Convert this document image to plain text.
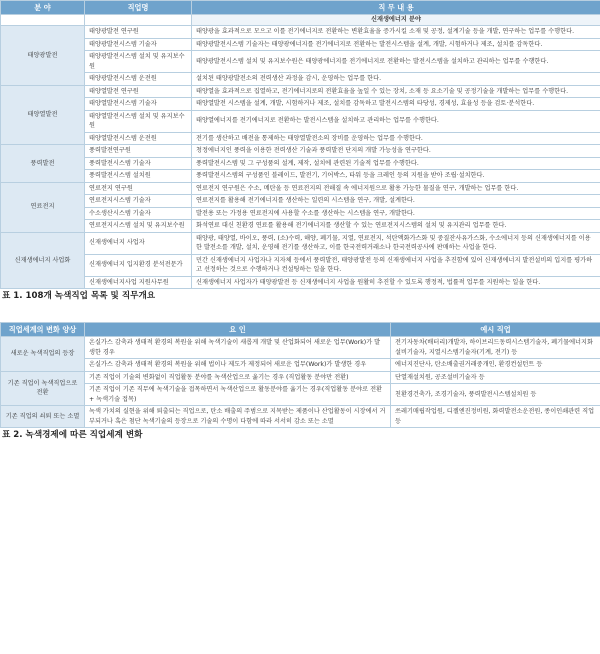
분 야	직업명	직 무 내 용
		신재생에너지 분야
태양광발전	태양광발전 연구원	태양광을 효과적으로 모으고 이를 전기에너지로 전환하는 변환효율을 증가시킬 소재 및 공정, 설계기술 등을 개발, 연구하는 업무를 수행한다.
	태양광발전시스템 기술자	태양광발전시스템 기술자는 태양광에너지를 전기에너지로 전환하는 발전시스템을 설계, 개발, 시험하거나 제조, 설치를 감독한다.
	태양광발전시스템 설치 및 유지보수원	태양광발전시스템 설치 및 유지보수원은 태양광에너지를 전기에너지로 전환하는 발전시스템을 설치하고 관리하는 업무를 수행한다.
	태양광발전시스템 운전원	설치된 태양광발전소의 전력생산 과정을 감시, 운영하는 업무를 한다.
태양열발전	태양열발전 연구원	태양열을 효과적으로 집열하고, 전기에너지로의 전환효율을 높일 수 있는 장치, 소재 등 요소기술 및 공정기술을 개발하는 업무를 수행한다.
	태양열발전시스템 기술자	태양열발전 시스템을 설계, 개발, 시험하거나 제조, 설치를 감독하고 발전시스템의 타당성, 경제성, 효율성 등을 검토·분석한다.
	태양열발전시스템 설치 및 유지보수원	태양열에너지를 전기에너지로 전환하는 발전시스템을 설치하고 관리하는 업무를 수행한다.
	태양열발전시스템 운전원	전기를 생산하고 배전을 통제하는 태양열발전소의 장비를 운영하는 업무를 수행한다.
풍력발전	풍력발전연구원	청정에너지인 풍력을 이용한 전력생산 기술과 풍력발전 단지의 개발 가능성을 연구한다.
	풍력발전시스템 기술자	풍력발전시스템 및 그 구성품의 설계, 제작, 설치에 관련된 기술적 업무를 수행한다.
	풍력발전시스템 설치원	풍력발전시스템의 구성품인 블레이드, 발전기, 기어박스, 타워 등을 크레인 등의 지원을 받아 조립·설치한다.
연료전지	연료전지 연구원	연료전지 연구원은 수소, 메탄올 등 연료전지의 전해질 속 에너지원으로 활용 가능한 물질을 연구, 개발하는 업무를 한다.
	연료전지시스템 기술자	연료전지를 활용해 전기에너지를 생산하는 일련의 시스템을 연구, 개발, 설계한다.
	수소생산시스템 기술자	발전용 또는 가정용 연료전지에 사용할 수소를 생산하는 시스템을 연구, 개발한다.
	연료전지시스템 설치 및 유지보수원	화석연료 대신 친환경 연료를 활용해 전기에너지를 생산할 수 있는 연료전지시스템의 설치 및 유지관리 업무를 한다.
신재생에너지 사업화	신재생에너지 사업자	태양광, 태양열, 바이오, 풍력, (소)수력, 해양, 폐기물, 지열, 연료전지, 석탄액화가스화 및 중질잔사유가스화, 수소에너지 등의 신재생에너지를 이용한 발전소를 개발, 설치, 운영해 전기를 생산하고, 이를 한국전력거래소나 한국전력공사에 판매하는 사업을 한다.
	신재생에너지 입지환경 분석전문가	민간 신재생에너지 사업자나 지자체 등에서 풍력발전, 태양광발전 등의 신재생에너지 사업을 추진함에 있어 신재생에너지 발전설비의 입지를 평가하고 선정하는 것으로 수행하거나 컨설팅하는 일을 한다.
	신재생에너지사업 지원사무원	신재생에너지 사업자가 태양광발전 등 신재생에너지 사업을 원활히 추진할 수 있도록 행정적, 법률적 업무를 지원하는 일을 한다.
표 1. 108개 녹색직업 목록 및 직무개요
직업세계의 변화 양상	요 인	예시 직업
새로운 녹색직업의 등장	온실가스 감축과 생태적 환경의 복원을 위해 녹색기술이 새롭게 개발 및 산업화되어 새로운 업무(Work)가 발생한 경우	전기자동차(배터리)개발자, 하이브리드동력시스템기술자, 폐기물에너지화설비기술자, 지열시스템기술자(기계, 전기) 등
	온실가스 감축과 생태적 환경의 복원을 위해 법이나 제도가 제정되어 새로운 업무(Work)가 발생한 경우	에너지진단사, 탄소배출권거래중개인, 환경컨설턴트 등
기존 직업이 녹색직업으로 전환	기존 직업이 기술의 변화없이 직업활동 분야를 녹색산업으로 옮기는 경우 (직업활동 분야만 전환)	단열재설치원, 공조설비기술자 등
	기존 직업이 기존 직무에 녹색기술을 접목하면서 녹색산업으로 활동분야를 옮기는 경우(직업활동 분야로 전환 + 녹색기술 접목)	친환경건축가, 조경기술자, 풍력발전시스템설치원 등
기존 직업의 쇠퇴 또는 소멸	녹색 가치의 실현을 위해 퇴출되는 직업으로, 탄소 배출의 주범으로 지목받는 제품이나 산업활동이 시장에서 거부되거나 혹은 첨단 녹색기술의 등장으로 기술의 수명이 다함에 따라 서서히 감소 또는 소멸	쓰레기매립작업원, 디젤엔진정비원, 화력발전소운전원, 종이인쇄관련 직업 등
표 2. 녹색경제에 따른 직업세계 변화
